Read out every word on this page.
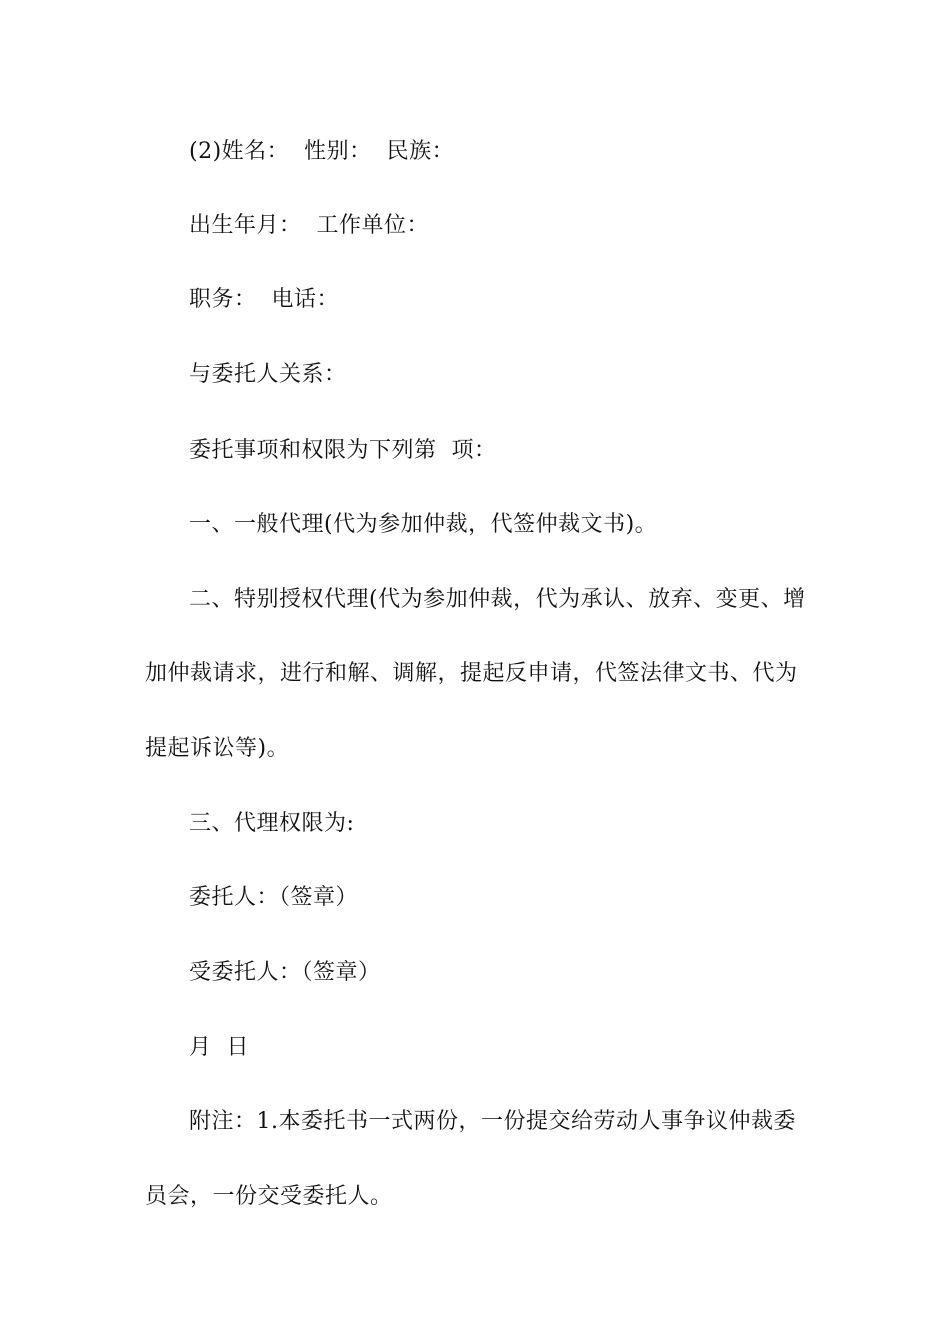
(2)姓名：  性别：  民族：
出生年月：  工作单位：
职务：  电话：
与委托人关系：
委托事项和权限为下列第  项：
一、一般代理(代为参加仲裁，代签仲裁文书)。
二、特别授权代理(代为参加仲裁，代为承认、放弃、变更、增
加仲裁请求，进行和解、调解，提起反申请，代签法律文书、代为
提起诉讼等)。
三、代理权限为:
委托人：（签章）
受委托人：（签章）
月  日
附注：1.本委托书一式两份，一份提交给劳动人事争议仲裁委
员会，一份交受委托人。
